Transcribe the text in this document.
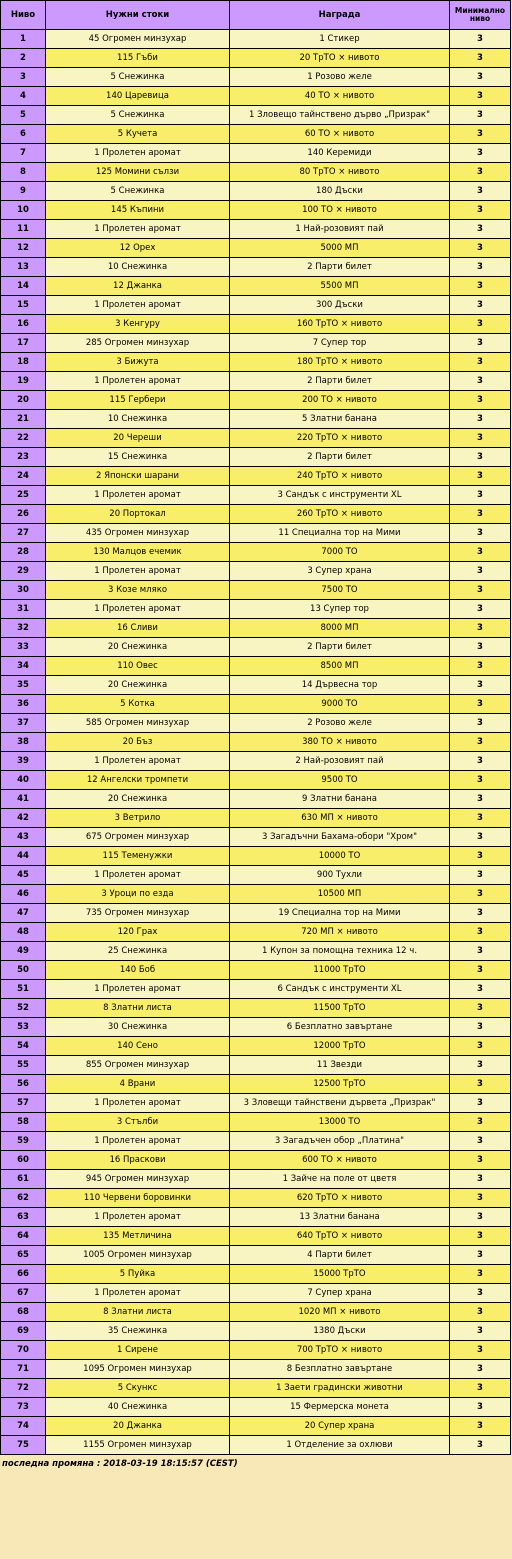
Ниво	Нужни стоки	Награда	Минимално ниво
1	45 Огромен минзухар	1 Стикер	3
2	115 Гъби	20 ТрТО × нивото	3
3	5 Снежинка	1 Розово желе	3
4	140 Царевица	40 ТО × нивото	3
5	5 Снежинка	1 Зловещо тайнствено дърво „Призрак"	3
6	5 Кучета	60 ТО × нивото	3
7	1 Пролетен аромат	140 Керемиди	3
8	125 Момини сълзи	80 ТрТО × нивото	3
9	5 Снежинка	180 Дъски	3
10	145 Къпини	100 ТО × нивото	3
11	1 Пролетен аромат	1 Най-розовият пай	3
12	12 Орех	5000 МП	3
13	10 Снежинка	2 Парти билет	3
14	12 Джанка	5500 МП	3
15	1 Пролетен аромат	300 Дъски	3
16	3 Кенгуру	160 ТрТО × нивото	3
17	285 Огромен минзухар	7 Супер тор	3
18	3 Бижута	180 ТрТО × нивото	3
19	1 Пролетен аромат	2 Парти билет	3
20	115 Гербери	200 ТО × нивото	3
21	10 Снежинка	5 Златни банана	3
22	20 Череши	220 ТрТО × нивото	3
23	15 Снежинка	2 Парти билет	3
24	2 Японски шарани	240 ТрТО × нивото	3
25	1 Пролетен аромат	3 Сандък с инструменти XL	3
26	20 Портокал	260 ТрТО × нивото	3
27	435 Огромен минзухар	11 Специална тор на Мими	3
28	130 Малцов ечемик	7000 ТО	3
29	1 Пролетен аромат	3 Супер храна	3
30	3 Козе мляко	7500 ТО	3
31	1 Пролетен аромат	13 Супер тор	3
32	16 Сливи	8000 МП	3
33	20 Снежинка	2 Парти билет	3
34	110 Овес	8500 МП	3
35	20 Снежинка	14 Дървесна тор	3
36	5 Котка	9000 ТО	3
37	585 Огромен минзухар	2 Розово желе	3
38	20 Бъз	380 ТО × нивото	3
39	1 Пролетен аромат	2 Най-розовият пай	3
40	12 Ангелски тромпети	9500 ТО	3
41	20 Снежинка	9 Златни банана	3
42	3 Ветрило	630 МП × нивото	3
43	675 Огромен минзухар	3 Загадъчни Бахама-обори "Хром"	3
44	115 Теменужки	10000 ТО	3
45	1 Пролетен аромат	900 Тухли	3
46	3 Уроци по езда	10500 МП	3
47	735 Огромен минзухар	19 Специална тор на Мими	3
48	120 Грах	720 МП × нивото	3
49	25 Снежинка	1 Купон за помощна техника 12 ч.	3
50	140 Боб	11000 ТрТО	3
51	1 Пролетен аромат	6 Сандък с инструменти XL	3
52	8 Златни листа	11500 ТрТО	3
53	30 Снежинка	6 Безплатно завъртане	3
54	140 Сено	12000 ТрТО	3
55	855 Огромен минзухар	11 Звезди	3
56	4 Врани	12500 ТрТО	3
57	1 Пролетен аромат	3 Зловещи тайнствени дървета „Призрак"	3
58	3 Стълби	13000 ТО	3
59	1 Пролетен аромат	3 Загадъчен обор „Платина"	3
60	16 Праскови	600 ТО × нивото	3
61	945 Огромен минзухар	1 Зайче на поле от цветя	3
62	110 Червени боровинки	620 ТрТО × нивото	3
63	1 Пролетен аромат	13 Златни банана	3
64	135 Метличина	640 ТрТО × нивото	3
65	1005 Огромен минзухар	4 Парти билет	3
66	5 Пуйка	15000 ТрТО	3
67	1 Пролетен аромат	7 Супер храна	3
68	8 Златни листа	1020 МП × нивото	3
69	35 Снежинка	1380 Дъски	3
70	1 Сирене	700 ТрТО × нивото	3
71	1095 Огромен минзухар	8 Безплатно завъртане	3
72	5 Скункс	1 Заети градински животни	3
73	40 Снежинка	15 Фермерска монета	3
74	20 Джанка	20 Супер храна	3
75	1155 Огромен минзухар	1 Отделение за охлюви	3
последна промяна : 2018-03-19 18:15:57 (CEST)
